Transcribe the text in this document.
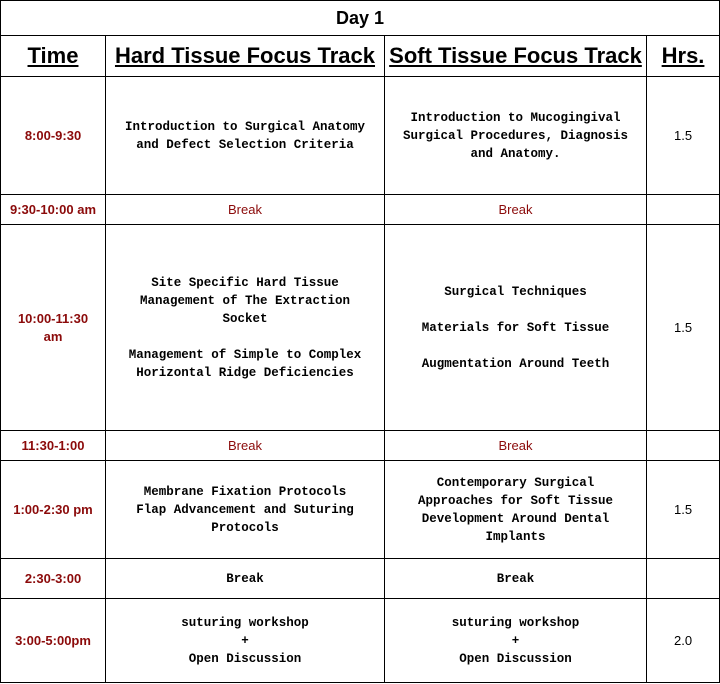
Day 1			
Time	Hard Tissue Focus Track	Soft Tissue Focus Track	Hrs.
8:00-9:30	Introduction to Surgical Anatomy
and Defect Selection Criteria	Introduction to Mucogingival
Surgical Procedures, Diagnosis
and Anatomy.	1.5
9:30-10:00 am	Break	Break	
10:00-11:30
am	Site Specific Hard Tissue
Management of The Extraction
Socket

Management of Simple to Complex
Horizontal Ridge Deficiencies	Surgical Techniques

Materials for Soft Tissue

Augmentation Around Teeth	1.5
11:30-1:00	Break	Break	
1:00-2:30 pm	Membrane Fixation Protocols
Flap Advancement and Suturing
Protocols	Contemporary Surgical
Approaches for Soft Tissue
Development Around Dental
Implants	1.5
2:30-3:00	Break	Break	
3:00-5:00pm	suturing workshop
+
Open Discussion	suturing workshop
+
Open Discussion	2.0
